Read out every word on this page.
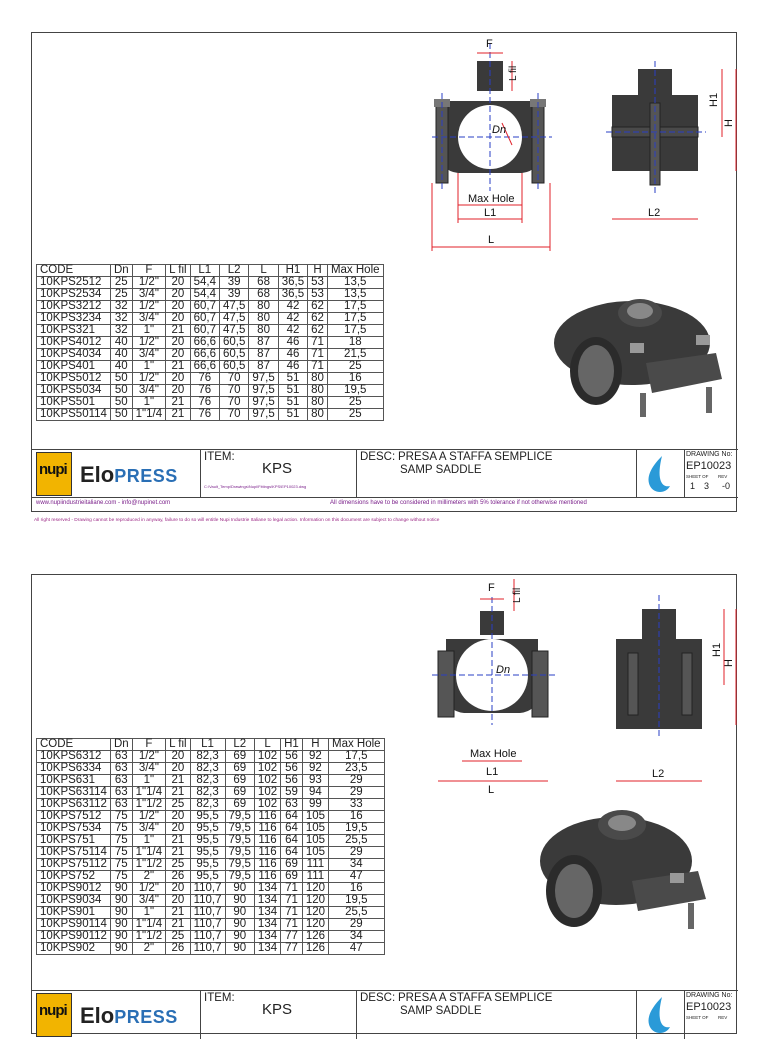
F
L fil
Dn
Max Hole
L1
L
L2
H1
H
CODE	Dn	F	L fil	L1	L2	L	H1	H	Max Hole
10KPS2512	25	1/2"	20	54,4	39	68	36,5	53	13,5
10KPS2534	25	3/4"	20	54,4	39	68	36,5	53	13,5
10KPS3212	32	1/2"	20	60,7	47,5	80	42	62	17,5
10KPS3234	32	3/4"	20	60,7	47,5	80	42	62	17,5
10KPS321	32	1"	21	60,7	47,5	80	42	62	17,5
10KPS4012	40	1/2"	20	66,6	60,5	87	46	71	18
10KPS4034	40	3/4"	20	66,6	60,5	87	46	71	21,5
10KPS401	40	1"	21	66,6	60,5	87	46	71	25
10KPS5012	50	1/2"	20	76	70	97,5	51	80	16
10KPS5034	50	3/4"	20	76	70	97,5	51	80	19,5
10KPS501	50	1"	21	76	70	97,5	51	80	25
10KPS50114	50	1"1/4	21	76	70	97,5	51	80	25
nupi EloPRESS
ITEM:
KPS
C:\Vault_Temp\Drawings\Nupi\Fittings\KPS\EP10023.dwg
DESC: PRESA A STAFFA SEMPLICE
SAMP SADDLE
DRAWING No:
EP10023
SHEET OF REV
1 3 -0
www.nupiindustrieitaliane.com - info@nupinet.com	All dimensions have to be considered in millimeters with 5% tolerance if not otherwise mentioned
All right reserved - Drawing cannot be reproduced in anyway, failure to do so will entitle Nupi Industrie Italiane to legal action. Information on this document are subject to change without notice
F L fil
Dn
Max Hole
L1
L
L2
H1
H
CODE	Dn	F	L fil	L1	L2	L	H1	H	Max Hole
10KPS6312	63	1/2"	20	82,3	69	102	56	92	17,5
10KPS6334	63	3/4"	20	82,3	69	102	56	92	23,5
10KPS631	63	1"	21	82,3	69	102	56	93	29
10KPS63114	63	1"1/4	21	82,3	69	102	59	94	29
10KPS63112	63	1"1/2	25	82,3	69	102	63	99	33
10KPS7512	75	1/2"	20	95,5	79,5	116	64	105	16
10KPS7534	75	3/4"	20	95,5	79,5	116	64	105	19,5
10KPS751	75	1"	21	95,5	79,5	116	64	105	25,5
10KPS75114	75	1"1/4	21	95,5	79,5	116	64	105	29
10KPS75112	75	1"1/2	25	95,5	79,5	116	69	111	34
10KPS752	75	2"	26	95,5	79,5	116	69	111	47
10KPS9012	90	1/2"	20	110,7	90	134	71	120	16
10KPS9034	90	3/4"	20	110,7	90	134	71	120	19,5
10KPS901	90	1"	21	110,7	90	134	71	120	25,5
10KPS90114	90	1"1/4	21	110,7	90	134	71	120	29
10KPS90112	90	1"1/2	25	110,7	90	134	77	126	34
10KPS902	90	2"	26	110,7	90	134	77	126	47
nupi EloPRESS
ITEM:
KPS
DESC: PRESA A STAFFA SEMPLICE
SAMP SADDLE
DRAWING No:
EP10023
SHEET OF REV
